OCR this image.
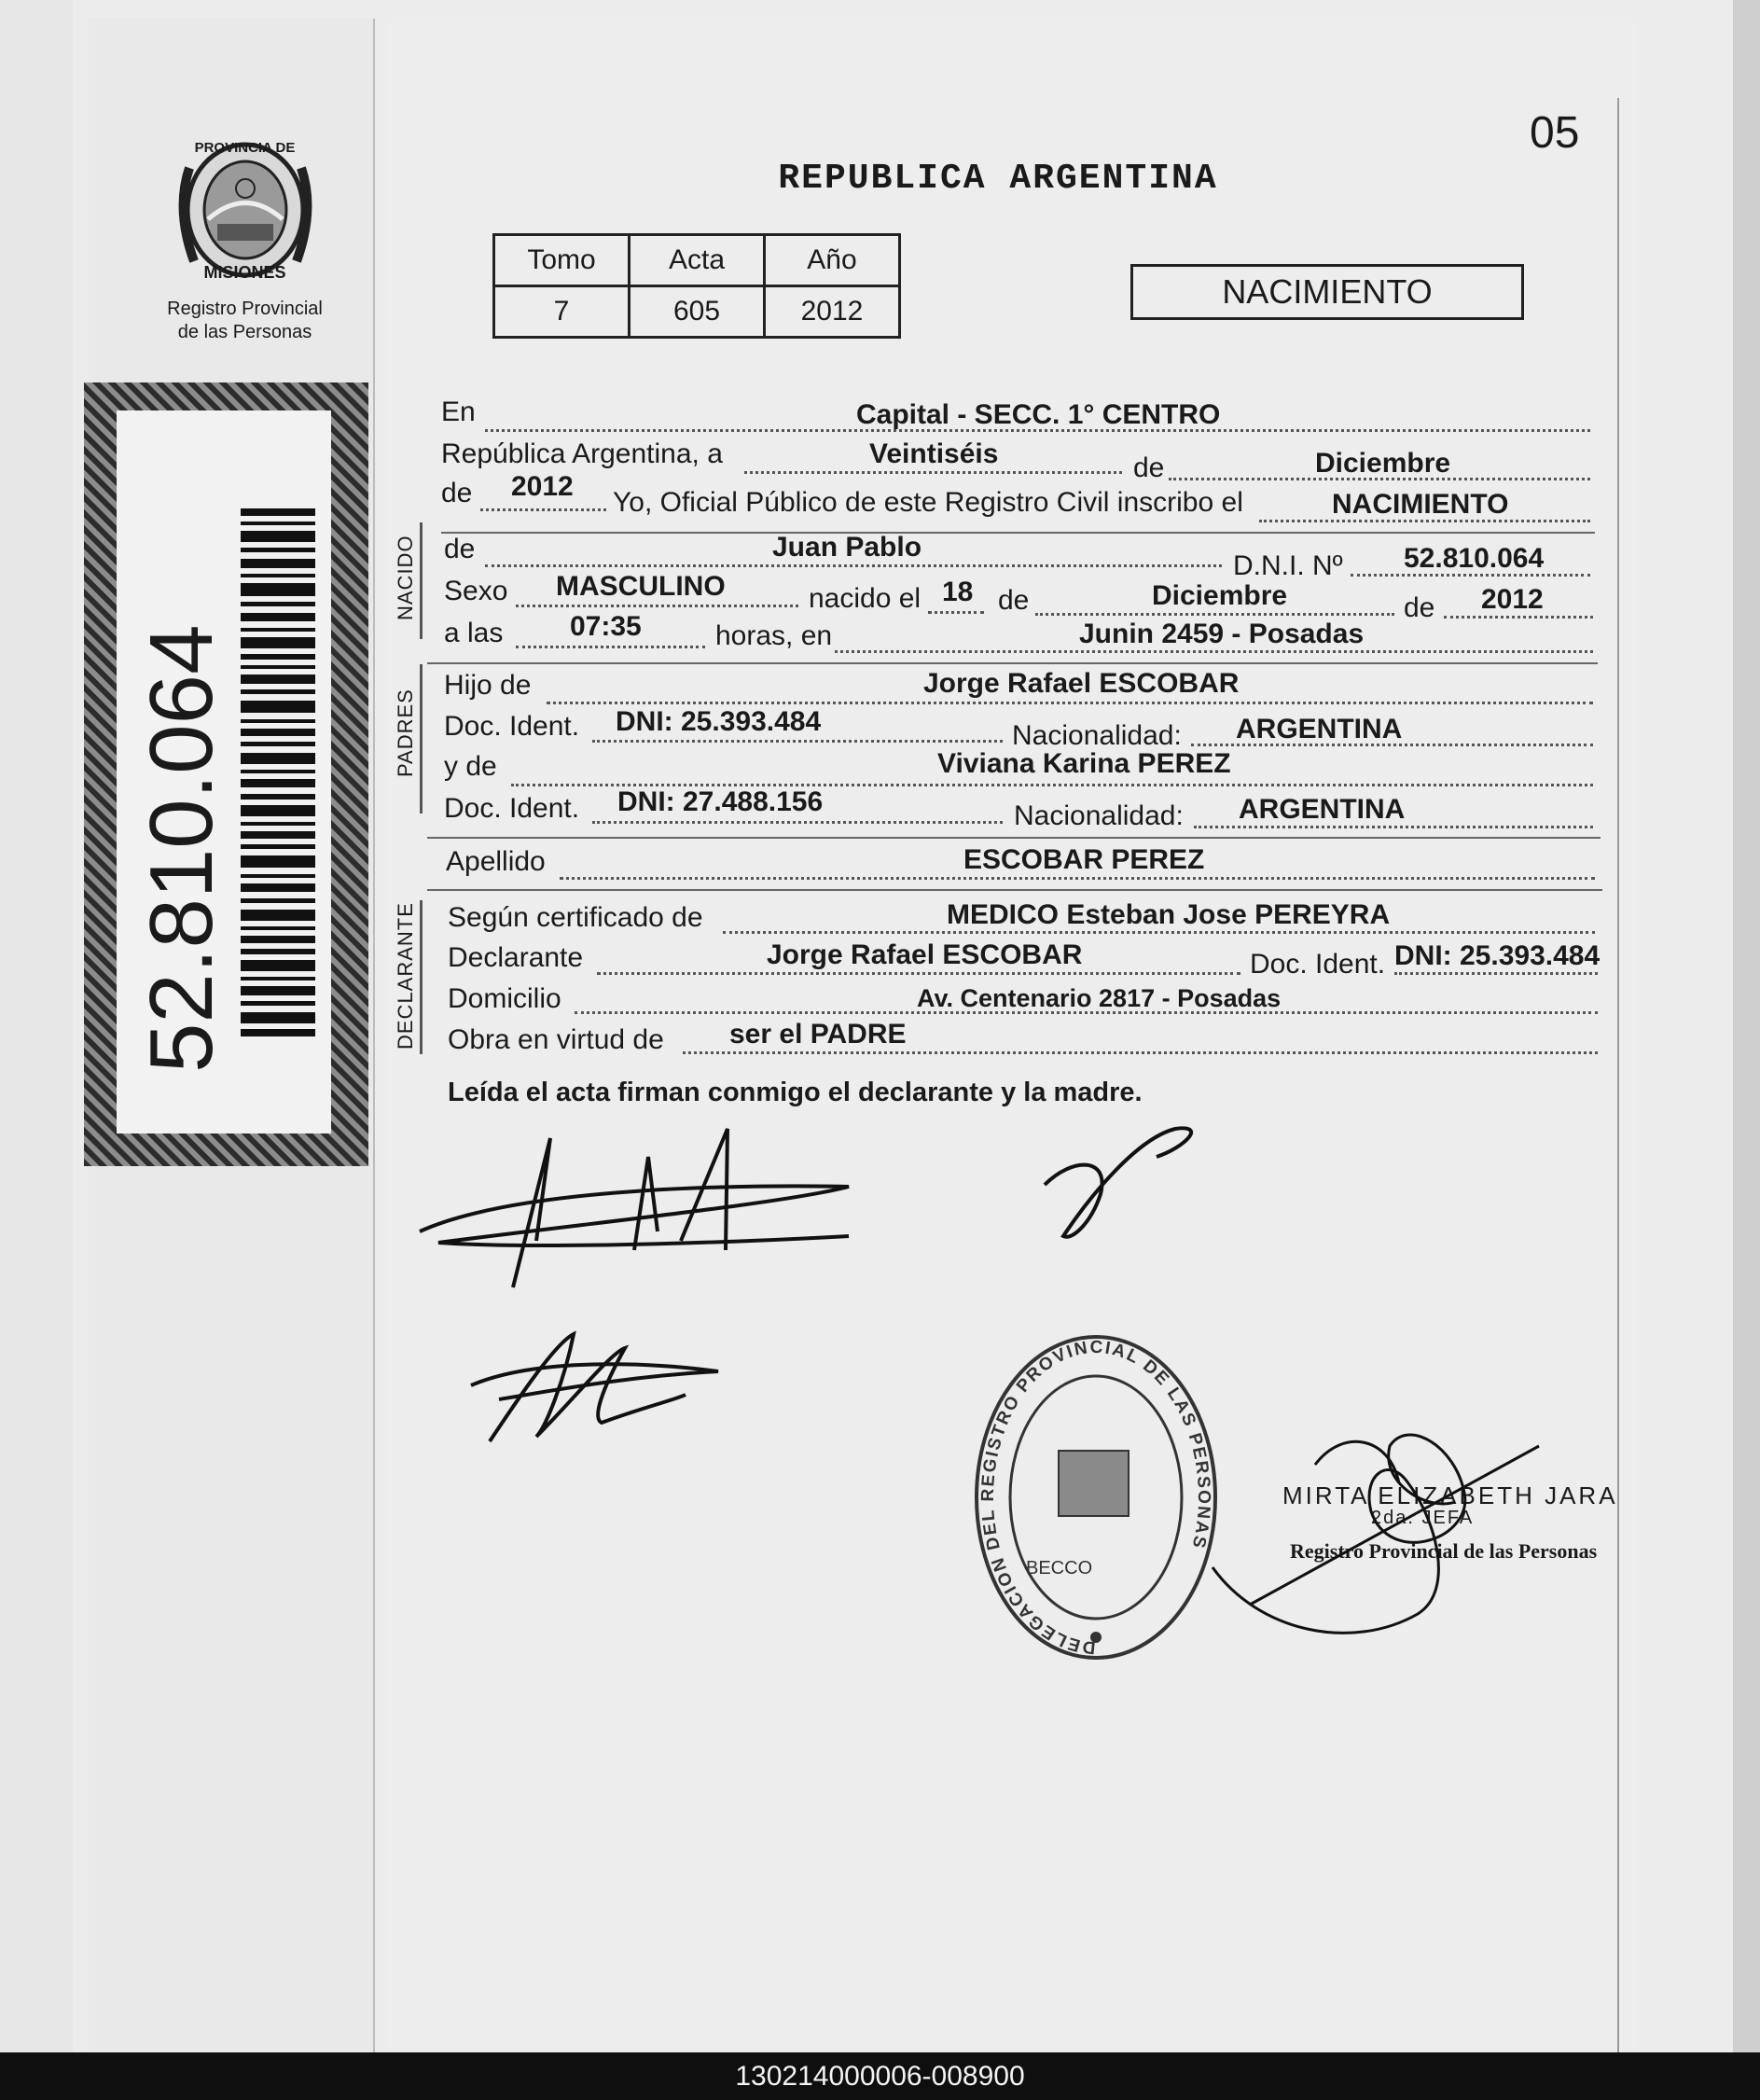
PROVINCIA DE
MISIONES
Registro Provincial
de las Personas
52.810.064
05
REPUBLICA ARGENTINA
Tomo	Acta	Año
7	605	2012
NACIMIENTO
NACIDO
PADRES
DECLARANTE
En	Capital - SECC. 1° CENTRO
República Argentina, a	Veintiséis	de	Diciembre
de 2012
Yo, Oficial Público de este Registro Civil inscribo el	NACIMIENTO
de	Juan Pablo
D.N.I. Nº 52.810.064
Sexo MASCULINO	nacido el 18 de	Diciembre	de 2012
a las 07:35	horas, en	Junin 2459 - Posadas
Hijo de	Jorge Rafael ESCOBAR
Doc. Ident. DNI: 25.393.484	Nacionalidad: ARGENTINA
y de	Viviana Karina PEREZ
Doc. Ident. DNI: 27.488.156	Nacionalidad: ARGENTINA
Apellido	ESCOBAR PEREZ
Según certificado de	MEDICO Esteban Jose PEREYRA
Declarante	Jorge Rafael ESCOBAR	Doc. Ident. DNI: 25.393.484
Domicilio	Av. Centenario 2817 - Posadas
Obra en virtud de ser el PADRE
Leída el acta firman conmigo el declarante y la madre.
DELEGACION DEL REGISTRO PROVINCIAL DE LAS PERSONAS
BECCO
MIRTA ELIZABETH JARA
2da. JEFA
Registro Provincial de las Personas
130214000006-008900
